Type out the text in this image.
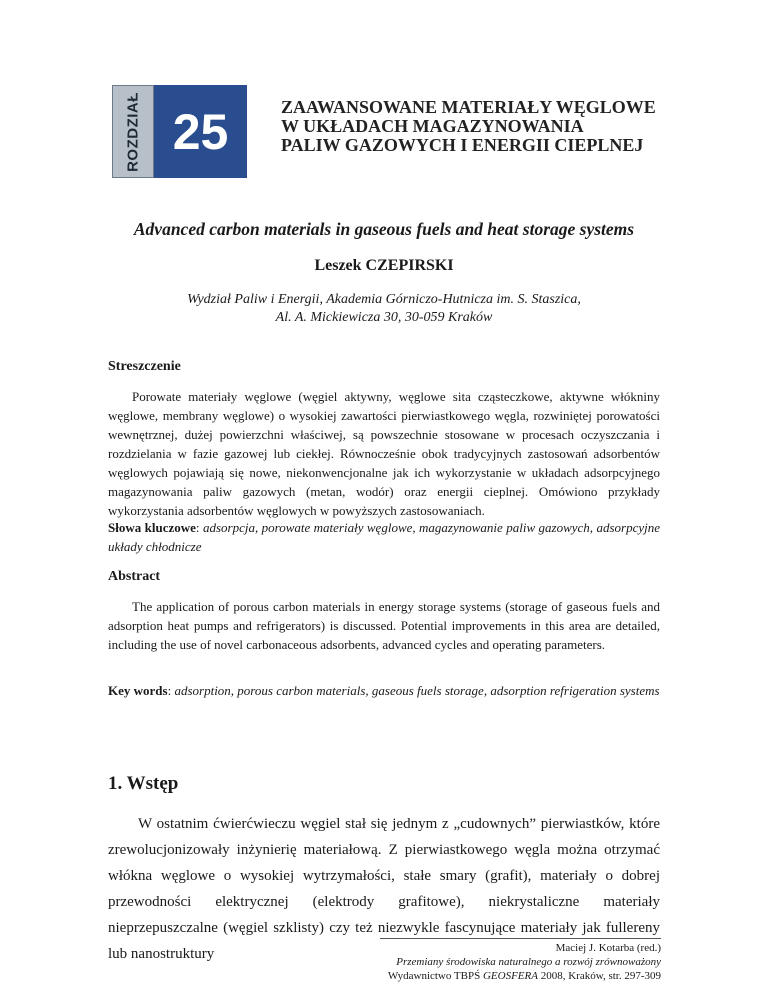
ROZDZIAŁ 25	ZAAWANSOWANE MATERIAŁY WĘGLOWE
W UKŁADACH MAGAZYNOWANIA
PALIW GAZOWYCH I ENERGII CIEPLNEJ
Advanced carbon materials in gaseous fuels and heat storage systems
Leszek CZEPIRSKI
Wydział Paliw i Energii, Akademia Górniczo-Hutnicza im. S. Staszica,
Al. A. Mickiewicza 30, 30-059 Kraków
Streszczenie

Porowate materiały węglowe (węgiel aktywny, węglowe sita cząsteczkowe, aktywne włókniny węglowe, membrany węglowe) o wysokiej zawartości pierwiastkowego węgla, rozwiniętej porowatości wewnętrznej, dużej powierzchni właściwej, są powszechnie stosowane w procesach oczyszczania i rozdzielania w fazie gazowej lub ciekłej. Równocześnie obok tradycyjnych zastosowań adsorbentów węglowych pojawiają się nowe, niekonwencjonalne jak ich wykorzystanie w układach adsorpcyjnego magazynowania paliw gazowych (metan, wodór) oraz energii cieplnej. Omówiono przykłady wykorzystania adsorbentów węglowych w powyższych zastosowaniach.

Słowa kluczowe: adsorpcja, porowate materiały węglowe, magazynowanie paliw gazowych, adsorpcyjne układy chłodnicze

Abstract

The application of porous carbon materials in energy storage systems (storage of gaseous fuels and adsorption heat pumps and refrigerators) is discussed. Potential improvements in this area are detailed, including the use of novel carbonaceous adsorbents, advanced cycles and operating parameters.

Key words: adsorption, porous carbon materials, gaseous fuels storage, adsorption refrigeration systems

1. Wstęp

W ostatnim ćwierćwieczu węgiel stał się jednym z „cudownych” pierwiastków, które zrewolucjonizowały inżynierię materiałową. Z pierwiastkowego węgla można otrzymać włókna węglowe o wysokiej wytrzymałości, stałe smary (grafit), materiały o dobrej przewodności elektrycznej (elektrody grafitowe), niekrystaliczne materiały nieprzepuszczalne (węgiel szklisty) czy też niezwykle fascynujące materiały jak fullereny lub nanostruktury	Maciej J. Kotarba (red.)
Przemiany środowiska naturalnego a rozwój zrównoważony
Wydawnictwo TBPŚ GEOSFERA 2008, Kraków, str. 297-309
